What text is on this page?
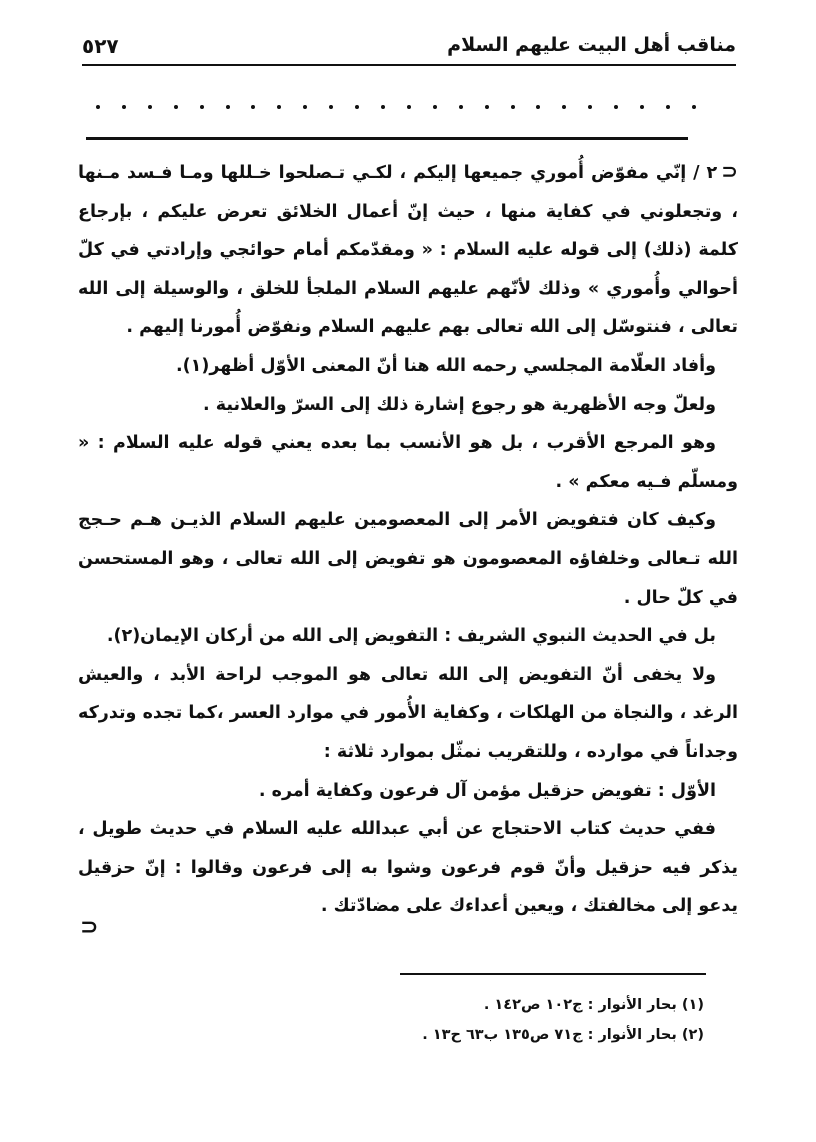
مناقب أهل البيت عليهم السلام
٥٢٧

⊂٢ / إنّي مفوّض أُموري جميعها إليكم ، لكـي تـصلحوا خـللها ومـا فـسد مـنها ، وتجعلوني في كفاية منها ، حيث إنّ أعمال الخلائق تعرض عليكم ، بإرجاع كلمة (ذلك) إلى قوله عليه السلام : « ومقدّمكم أمام حوائجي وإرادتي في كلّ أحوالي وأُموري » وذلك لأنّهم عليهم السلام الملجأ للخلق ، والوسيلة إلى الله تعالى ، فنتوسّل إلى الله تعالى بهم عليهم السلام ونفوّض أُمورنا إليهم .

وأفاد العلّامة المجلسي رحمه الله هنا أنّ المعنى الأوّل أظهر(١).

ولعلّ وجه الأظهرية هو رجوع إشارة ذلك إلى السرّ والعلانية .

وهو المرجع الأقرب ، بل هو الأنسب بما بعده يعني قوله عليه السلام : « ومسلّم فـيه معكم » .

وكيف كان فتفويض الأمر إلى المعصومين عليهم السلام الذيـن هـم حـجج الله تـعالى وخلفاؤه المعصومون هو تفويض إلى الله تعالى ، وهو المستحسن في كلّ حال .

بل في الحديث النبوي الشريف : التفويض إلى الله من أركان الإيمان(٢).

ولا يخفى أنّ التفويض إلى الله تعالى هو الموجب لراحة الأبد ، والعيش الرغد ، والنجاة من الهلكات ، وكفاية الأُمور في موارد العسر ،كما تجده وتدركه وجداناً في موارده ، وللتقريب نمثّل بموارد ثلاثة :

الأوّل : تفويض حزقيل مؤمن آل فرعون وكفاية أمره .

ففي حديث كتاب الاحتجاج عن أبي عبدالله عليه السلام في حديث طويل ، يذكر فيه حزقيل وأنّ قوم فرعون وشوا به إلى فرعون وقالوا : إنّ حزقيل يدعو إلى مخالفتك ، ويعين أعداءك على مضادّتك .

⊃

(١) بحار الأنوار : ج١٠٢ ص١٤٢ .

(٢) بحار الأنوار : ج٧١ ص١٣٥ ب٦٣ ح١٣ .
